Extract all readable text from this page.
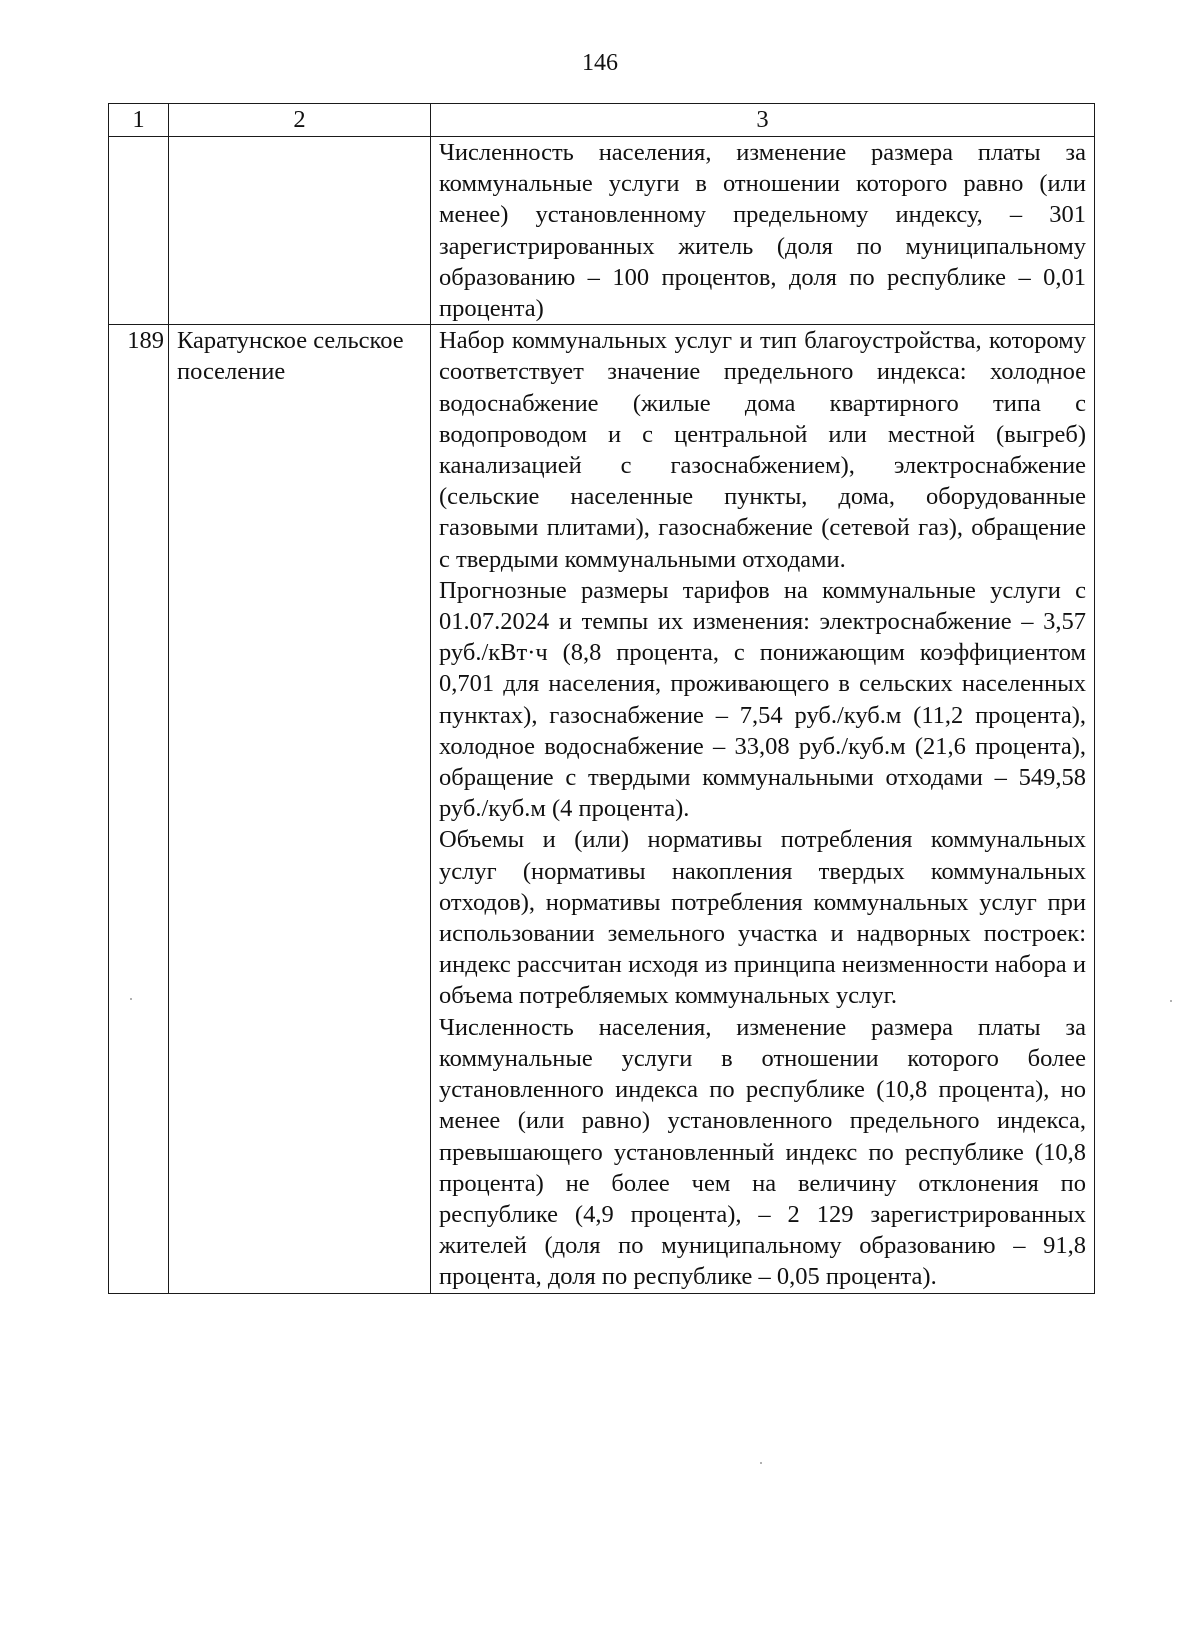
146
1	2	3

		Численность населения, изменение размера платы за коммунальные услуги в отношении которого равно (или менее) установленному предельному индексу, – 301 зарегистрированных житель (доля по муниципальному образованию – 100 процентов, доля по республике – 0,01 процента)

189	Каратунское сельское поселение	Набор коммунальных услуг и тип благоустройства, которому соответствует значение предельного индекса: холодное водоснабжение (жилые дома квартирного типа с водопроводом и с центральной или местной (выгреб) канализацией с газоснабжением), электроснабжение (сельские населенные пункты, дома, оборудованные газовыми плитами), газоснабжение (сетевой газ), обращение с твердыми коммунальными отходами.

Прогнозные размеры тарифов на коммунальные услуги с 01.07.2024 и темпы их изменения: электроснабжение – 3,57 руб./кВт·ч (8,8 процента, с понижающим коэффициентом 0,701 для населения, проживающего в сельских населенных пунктах), газоснабжение – 7,54 руб./куб.м (11,2 процента), холодное водоснабжение – 33,08 руб./куб.м (21,6 процента), обращение с твердыми коммунальными отходами – 549,58 руб./куб.м (4 процента).

Объемы и (или) нормативы потребления коммунальных услуг (нормативы накопления твердых коммунальных отходов), нормативы потребления коммунальных услуг при использовании земельного участка и надворных построек: индекс рассчитан исходя из принципа неизменности набора и объема потребляемых коммунальных услуг.

Численность населения, изменение размера платы за коммунальные услуги в отношении которого более установленного индекса по республике (10,8 процента), но менее (или равно) установленного предельного индекса, превышающего установленный индекс по республике (10,8 процента) не более чем на величину отклонения по республике (4,9 процента), – 2 129 зарегистрированных жителей (доля по муниципальному образованию – 91,8 процента, доля по республике – 0,05 процента).
